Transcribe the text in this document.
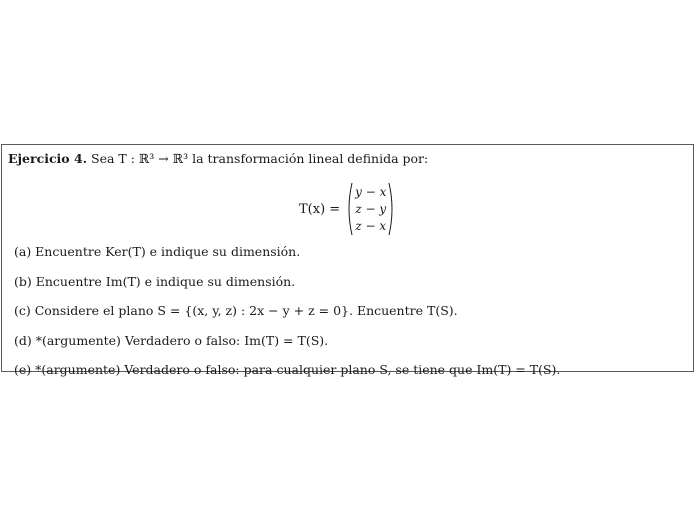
Ejercicio 4. Sea T : ℝ³ → ℝ³ la transformación lineal definida por:
T(x) =
y − x
z − y
z − x
(a) Encuentre Ker(T) e indique su dimensión.
(b) Encuentre Im(T) e indique su dimensión.
(c) Considere el plano S = {(x, y, z) : 2x − y + z = 0}. Encuentre T(S).
(d) *(argumente) Verdadero o falso: Im(T) = T(S).
(e) *(argumente) Verdadero o falso: para cualquier plano S, se tiene que Im(T) = T(S).
